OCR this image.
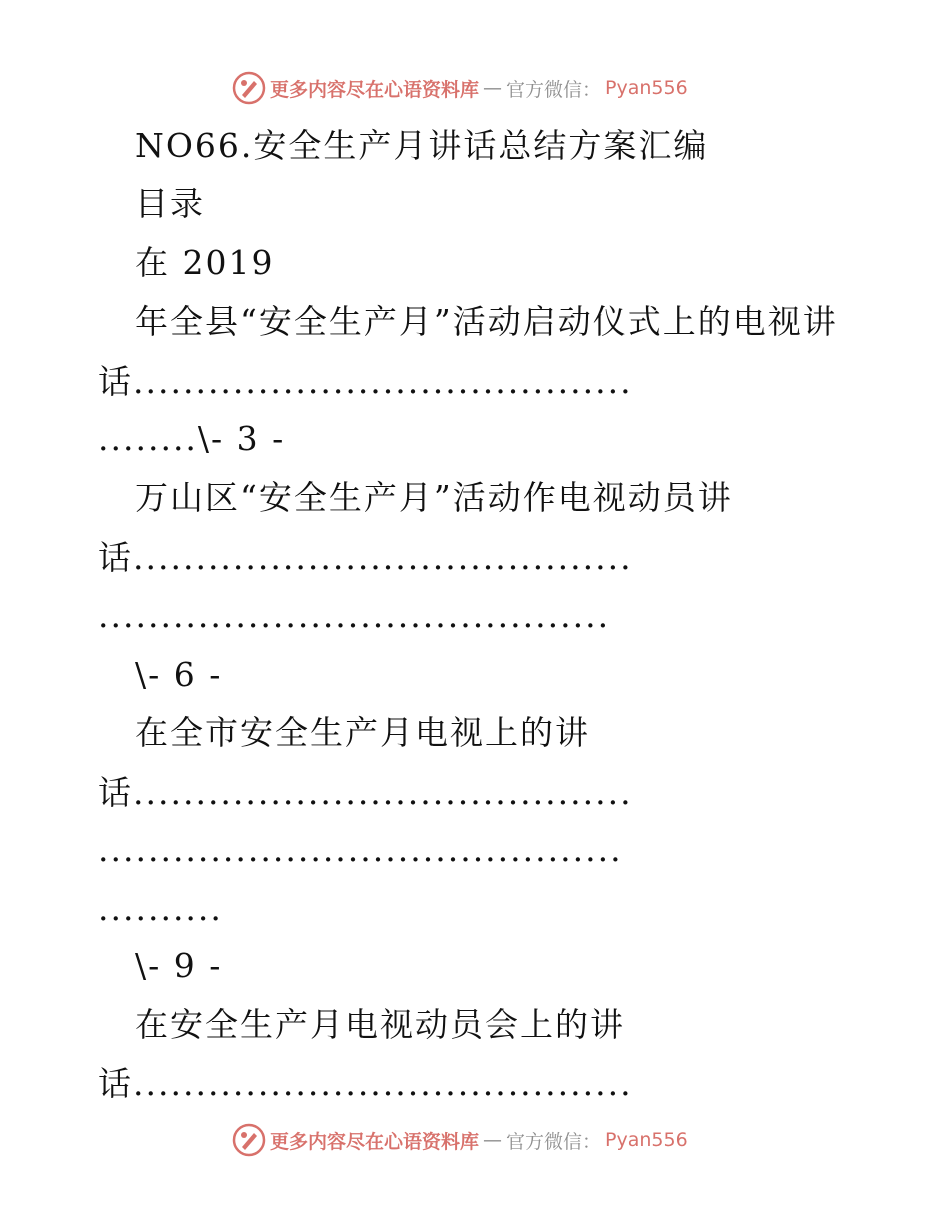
更多内容尽在心语资料库 — 官方微信： Pyan556
NO66.安全生产月讲话总结方案汇编
目录
在 2019
年全县“安全生产月”活动启动仪式上的电视讲
话........................................
........\- 3 -
万山区“安全生产月”活动作电视动员讲
话........................................
.........................................
\- 6 -
在全市安全生产月电视上的讲
话........................................
..........................................
..........
\- 9 -
在安全生产月电视动员会上的讲
话........................................
更多内容尽在心语资料库 — 官方微信： Pyan556
